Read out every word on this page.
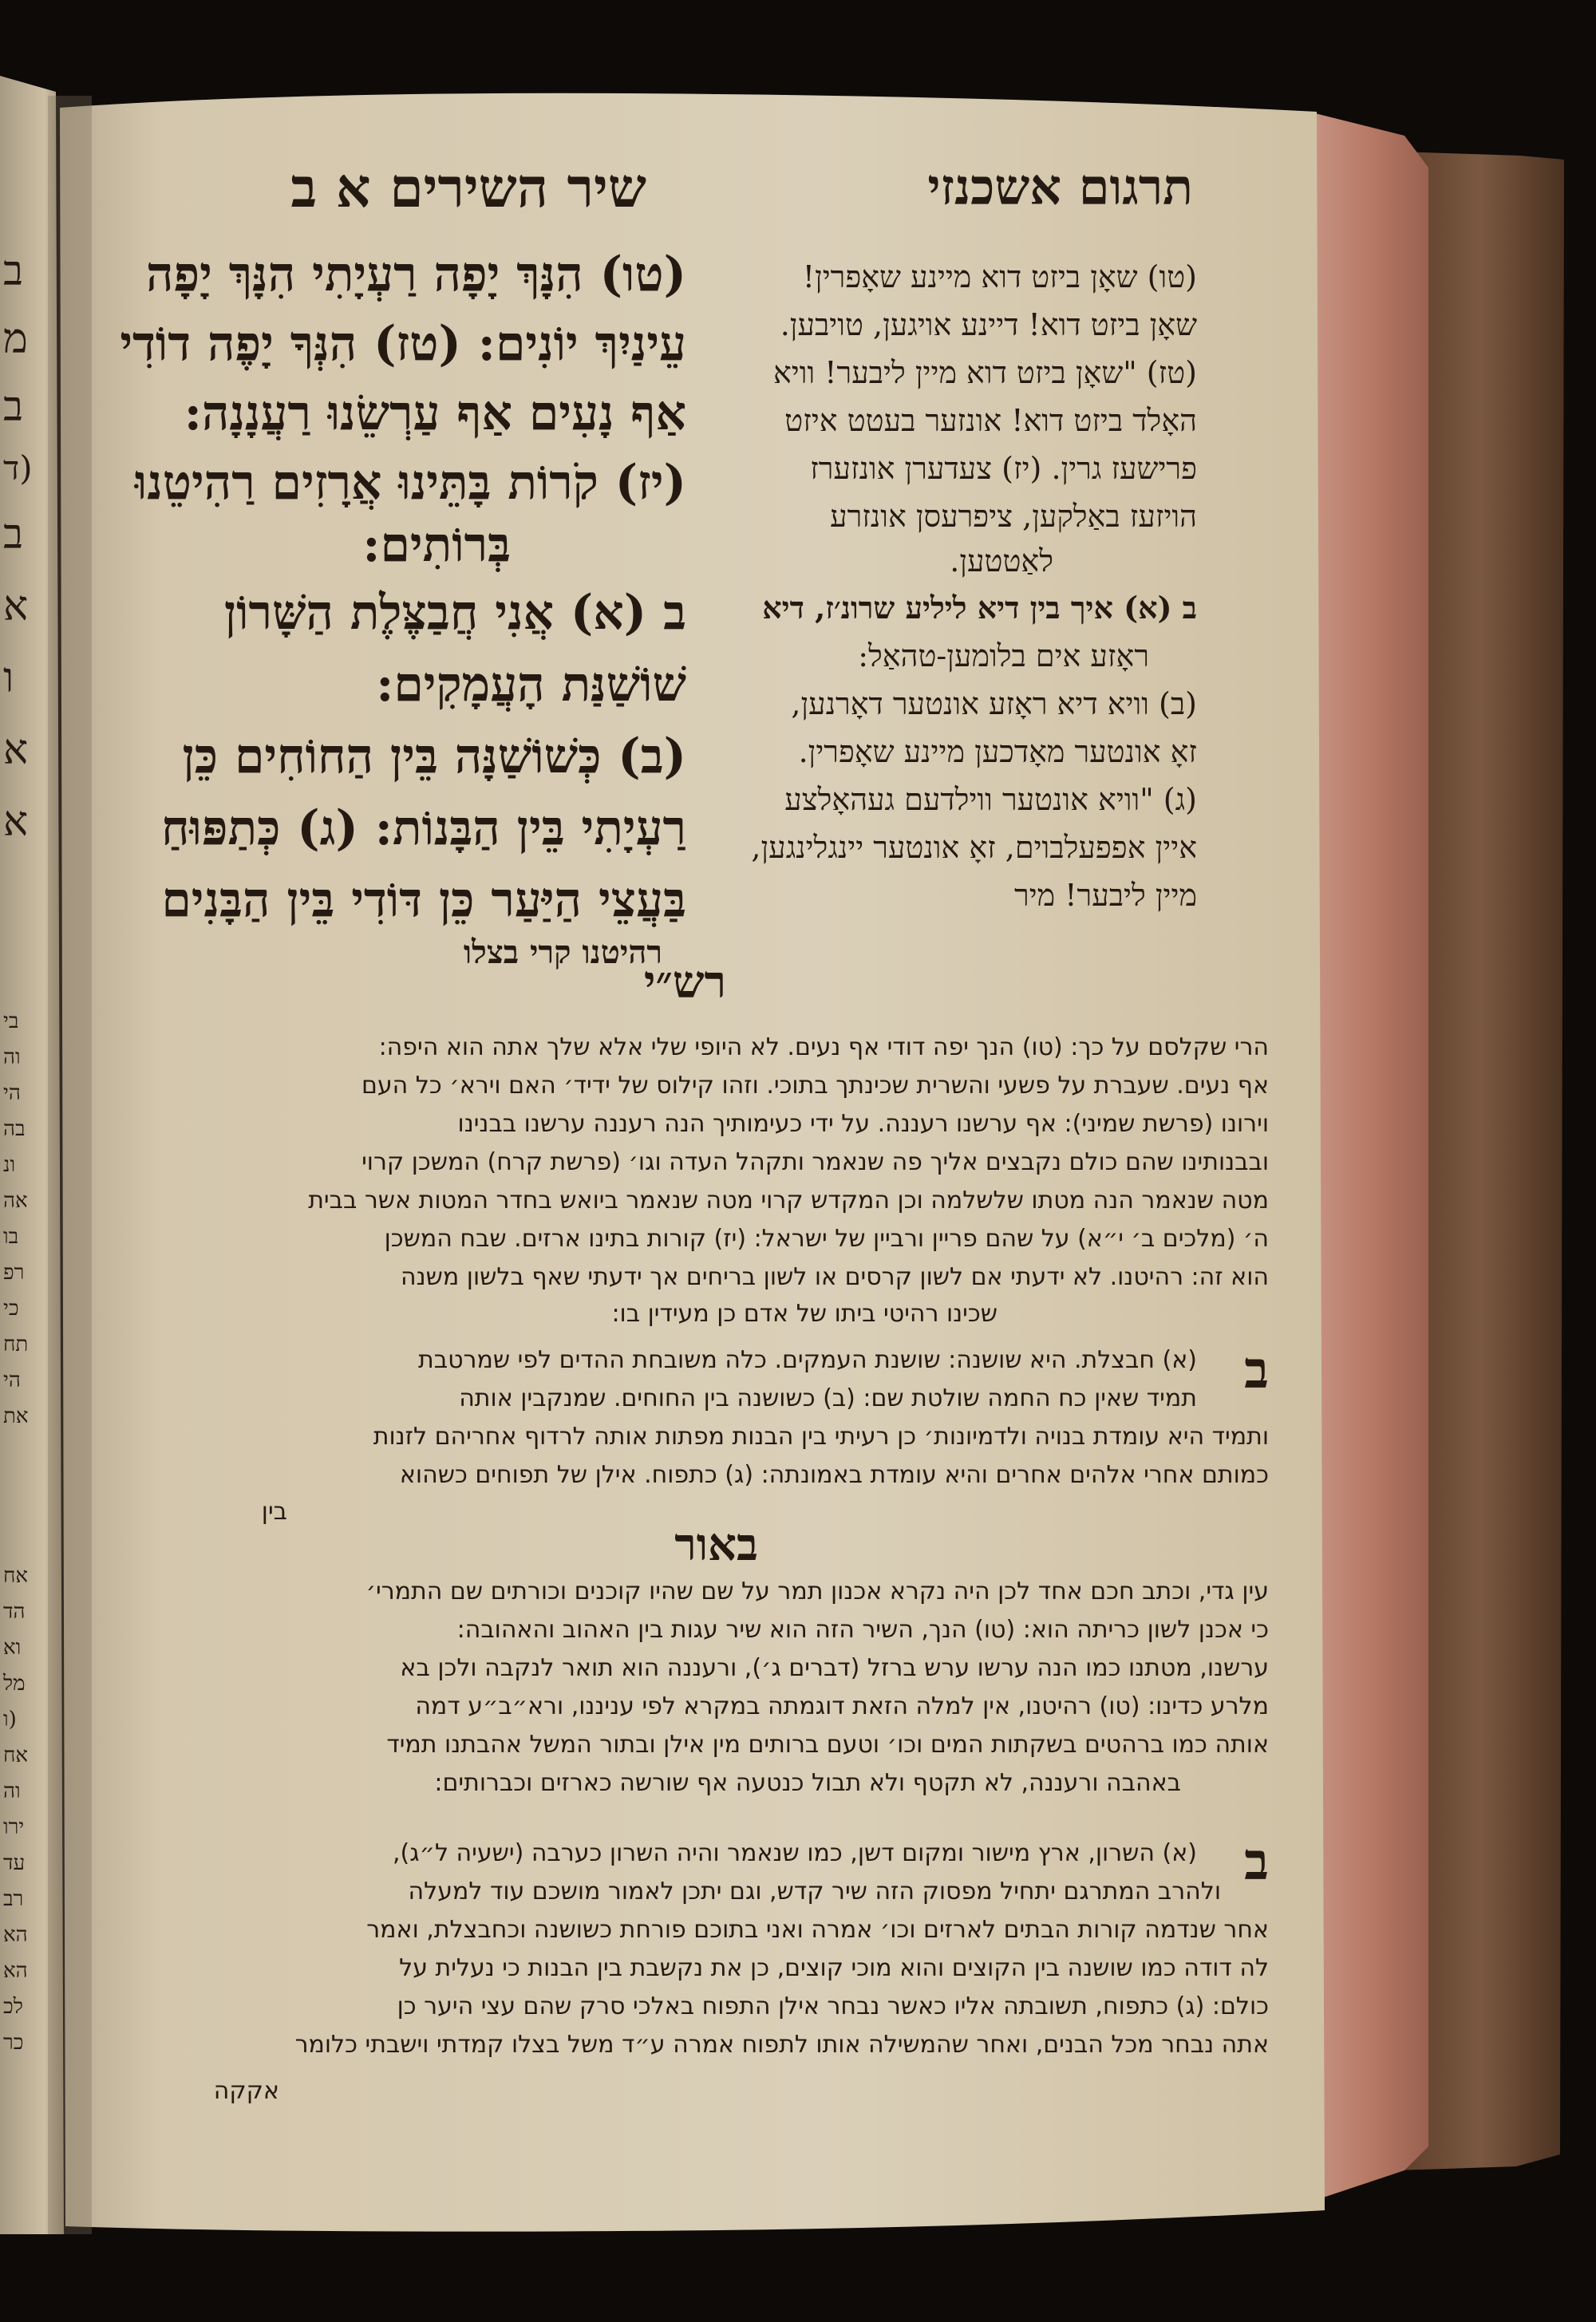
שיר השירים א ב	תרגום אשכנזי
(טו) הִנָּךְ יָפָה רַעְיָתִי הִנָּךְ יָפָה
עֵינַיִךְ יוֹנִים: (טז) הִנְּךָ יָפֶה דוֹדִי
אַף נָעִים אַף עַרְשֵׂנוּ רַעֲנָנָה:
(יז) קֹרוֹת בָּתֵּינוּ אֲרָזִים רַהִיטֵנוּ
בְּרוֹתִים:
ב (א) אֲנִי חֲבַצֶּלֶת הַשָּׁרוֹן
שׁוֹשַׁנַּת הָעֲמָקִים:
(ב) כְּשׁוֹשַׁנָּה בֵּין הַחוֹחִים כֵּן
רַעְיָתִי בֵּין הַבָּנוֹת: (ג) כְּתַפּוּחַ
בַּעֲצֵי הַיַּעַר כֵּן דּוֹדִי בֵּין הַבָּנִים
רהיטנו קרי בצלו
(טו) שאָן ביזט דוא מיינע שאָפרין!
שאָן ביזט דוא! דיינע אויגען, טויבען.
(טז) "שאָן ביזט דוא מיין ליבער! וויא
האָלד ביזט דוא! אונזער בעטט איזט
פרישעז גרין. (יז) צעדערן אונזערז
הויזעז באַלקען, ציפרעסן אונזרע
לאַטטען.
ב (א) איך בין דיא ליליע שרונ׳ז, דיא
ראָזע אים בלומען-טהאַל:
(ב) וויא דיא ראָזע אונטער דאָרנען,
זאָ אונטער מאָדכען מיינע שאָפרין.
(ג) "וויא אונטער ווילדעם געהאָלצע
איין אפפעלבוים, זאָ אונטער יינגלינגען,
מיין ליבער! מיר
רש״י
הרי שקלסם על כך: (טו) הנך יפה דודי אף נעים. לא היופי שלי אלא שלך אתה הוא היפה:
אף נעים. שעברת על פשעי והשרית שכינתך בתוכי. וזהו קילוס של ידיד׳ האם וירא׳ כל העם
וירונו (פרשת שמיני): אף ערשנו רעננה. על ידי כעימותיך הנה רעננה ערשנו בבנינו
ובבנותינו שהם כולם נקבצים אליך פה שנאמר ותקהל העדה וגו׳ (פרשת קרח) המשכן קרוי
מטה שנאמר הנה מטתו שלשלמה וכן המקדש קרוי מטה שנאמר ביואש בחדר המטות אשר בבית
ה׳ (מלכים ב׳ י״א) על שהם פריין ורביין של ישראל: (יז) קורות בתינו ארזים. שבח המשכן
הוא זה: רהיטנו. לא ידעתי אם לשון קרסים או לשון בריחים אך ידעתי שאף בלשון משנה
שכינו רהיטי ביתו של אדם כן מעידין בו:
ב
(א) חבצלת. היא שושנה: שושנת העמקים. כלה משובחת ההדים לפי שמרטבת
תמיד שאין כח החמה שולטת שם: (ב) כשושנה בין החוחים. שמנקבין אותה
ותמיד היא עומדת בנויה ולדמיונות׳ כן רעיתי בין הבנות מפתות אותה לרדוף אחריהם לזנות
כמותם אחרי אלהים אחרים והיא עומדת באמונתה: (ג) כתפוח. אילן של תפוחים כשהוא
בין
באור
עין גדי, וכתב חכם אחד לכן היה נקרא אכנון תמר על שם שהיו קוכנים וכורתים שם התמרי׳
כי אכנן לשון כריתה הוא: (טו) הנך, השיר הזה הוא שיר עגות בין האהוב והאהובה:
ערשנו, מטתנו כמו הנה ערשו ערש ברזל (דברים ג׳), ורעננה הוא תואר לנקבה ולכן בא
מלרע כדינו: (טו) רהיטנו, אין למלה הזאת דוגמתה במקרא לפי עניננו, ורא״ב״ע דמה
אותה כמו ברהטים בשקתות המים וכו׳ וטעם ברותים מין אילן ובתור המשל אהבתנו תמיד
באהבה ורעננה, לא תקטף ולא תבול כנטעה אף שורשה כארזים וכברותים:
ב
(א) השרון, ארץ מישור ומקום דשן, כמו שנאמר והיה השרון כערבה (ישעיה ל״ג),
ולהרב המתרגם יתחיל מפסוק הזה שיר קדש, וגם יתכן לאמור מושכם עוד למעלה
אחר שנדמה קורות הבתים לארזים וכו׳ אמרה ואני בתוכם פורחת כשושנה וכחבצלת, ואמר
לה דודה כמו שושנה בין הקוצים והוא מוכי קוצים, כן את נקשבת בין הבנות כי נעלית על
כולם: (ג) כתפוח, תשובתה אליו כאשר נבחר אילן התפוח באלכי סרק שהם עצי היער כן
אתה נבחר מכל הבנים, ואחר שהמשילה אותו לתפוח אמרה ע״ד משל בצלו קמדתי וישבתי כלומר
אקקה
ב
מ
ב
(ד
ב
א
ו
א
א
בי
וה
הי
בה
ונ
אה
בו
רפ
כי
תח
הי
את
אח
הד
וא
מל
(ו
אח
וה
ירו
עד
רב
הא
הא
לכ
כר
